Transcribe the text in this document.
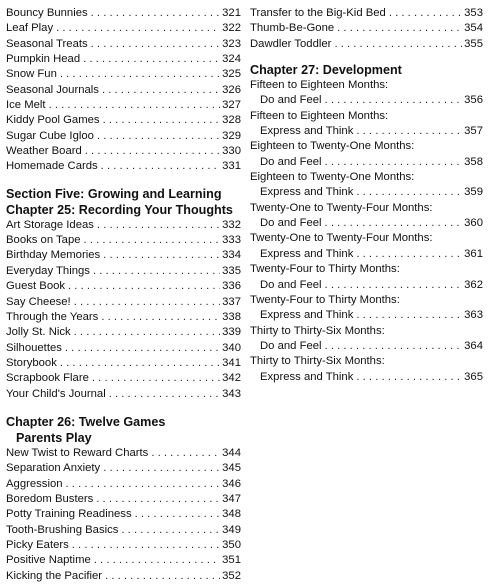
Bouncy Bunnies . . .	321
Leaf Play . . .	322
Seasonal Treats . . .	323
Pumpkin Head . . .	324
Snow Fun . . .	325
Seasonal Journals . . .	326
Ice Melt . . .	327
Kiddy Pool Games . . .	328
Sugar Cube Igloo . . .	329
Weather Board . . .	330
Homemade Cards . . .	331
Section Five: Growing and Learning
Chapter 25: Recording Your Thoughts
Art Storage Ideas . . .	332
Books on Tape . . .	333
Birthday Memories . . .	334
Everyday Things . . .	335
Guest Book . . .	336
Say Cheese! . . .	337
Through the Years . . .	338
Jolly St. Nick . . .	339
Silhouettes . . .	340
Storybook . . .	341
Scrapbook Flare . . .	342
Your Child's Journal . . .	343
Chapter 26: Twelve Games
Parents Play
New Twist to Reward Charts . . .	344
Separation Anxiety . . .	345
Aggression . . .	346
Boredom Busters . . .	347
Potty Training Readiness . . .	348
Tooth-Brushing Basics . . .	349
Picky Eaters . . .	350
Positive Naptime . . .	351
Kicking the Pacifier . . .	352
Transfer to the Big-Kid Bed . . .	353
Thumb-Be-Gone . . .	354
Dawdler Toddler . . .	355
Chapter 27: Development
Fifteen to Eighteen Months:
Do and Feel . . .	356
Fifteen to Eighteen Months:
Express and Think . . .	357
Eighteen to Twenty-One Months:
Do and Feel . . .	358
Eighteen to Twenty-One Months:
Express and Think . . .	359
Twenty-One to Twenty-Four Months:
Do and Feel . . .	360
Twenty-One to Twenty-Four Months:
Express and Think . . .	361
Twenty-Four to Thirty Months:
Do and Feel . . .	362
Twenty-Four to Thirty Months:
Express and Think . . .	363
Thirty to Thirty-Six Months:
Do and Feel . . .	364
Thirty to Thirty-Six Months:
Express and Think . . .	365
